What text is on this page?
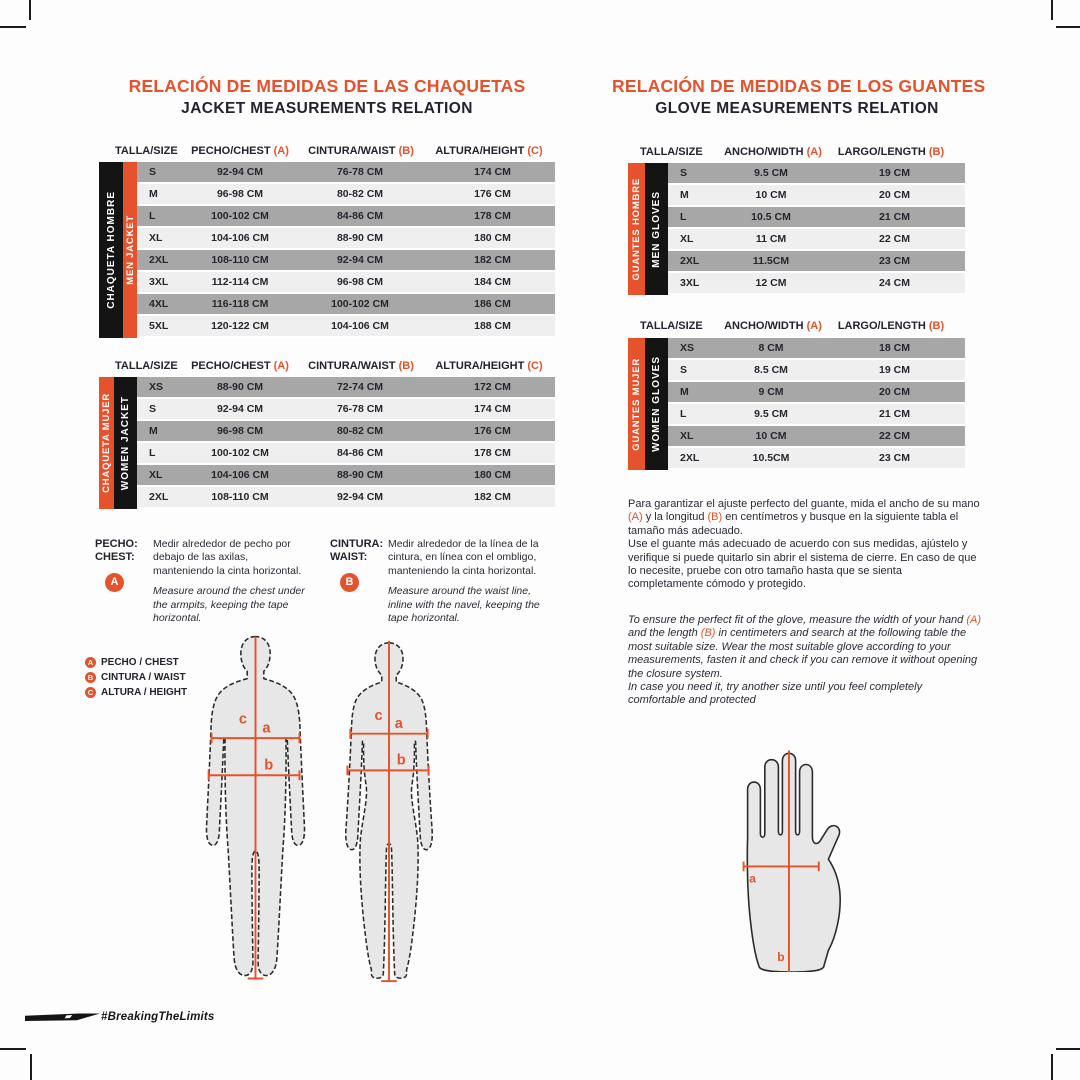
RELACIÓN DE MEDIDAS DE LAS CHAQUETAS
JACKET MEASUREMENTS RELATION
TALLA/SIZE PECHO/CHEST (A) CINTURA/WAIST (B) ALTURA/HEIGHT (C)
CHAQUETA HOMBRE MEN JACKET
S	92-94 CM	76-78 CM	174 CM
M	96-98 CM	80-82 CM	176 CM
L	100-102 CM	84-86 CM	178 CM
XL	104-106 CM	88-90 CM	180 CM
2XL	108-110 CM	92-94 CM	182 CM
3XL	112-114 CM	96-98 CM	184 CM
4XL	116-118 CM	100-102 CM	186 CM
5XL	120-122 CM	104-106 CM	188 CM
TALLA/SIZE PECHO/CHEST (A) CINTURA/WAIST (B) ALTURA/HEIGHT (C)
CHAQUETA MUJER WOMEN JACKET
XS	88-90 CM	72-74 CM	172 CM
S	92-94 CM	76-78 CM	174 CM
M	96-98 CM	80-82 CM	176 CM
L	100-102 CM	84-86 CM	178 CM
XL	104-106 CM	88-90 CM	180 CM
2XL	108-110 CM	92-94 CM	182 CM
RELACIÓN DE MEDIDAS DE LOS GUANTES
GLOVE MEASUREMENTS RELATION
TALLA/SIZE ANCHO/WIDTH (A) LARGO/LENGTH (B)
GUANTES HOMBRE MEN GLOVES
S	9.5 CM	19 CM
M	10 CM	20 CM
L	10.5 CM	21 CM
XL	11 CM	22 CM
2XL	11.5CM	23 CM
3XL	12 CM	24 CM
TALLA/SIZE ANCHO/WIDTH (A) LARGO/LENGTH (B)
GUANTES MUJER WOMEN GLOVES
XS	8 CM	18 CM
S	8.5 CM	19 CM
M	9 CM	20 CM
L	9.5 CM	21 CM
XL	10 CM	22 CM
2XL	10.5CM	23 CM
PECHO:
CHEST:
A
Medir alrededor de pecho por debajo de las axilas, manteniendo la cinta horizontal.
Measure around the chest under the armpits, keeping the tape horizontal.
CINTURA:
WAIST:
B
Medir alrededor de la línea de la cintura, en línea con el ombligo, manteniendo la cinta horizontal.
Measure around the waist line, inline with the navel, keeping the tape horizontal.
A PECHO / CHEST
B CINTURA / WAIST
C ALTURA / HEIGHT
c
a
b
c a
b
Para garantizar el ajuste perfecto del guante, mida el ancho de su mano (A) y la longitud (B) en centímetros y busque en la siguiente tabla el tamaño más adecuado.
Use el guante más adecuado de acuerdo con sus medidas, ajústelo y verifique si puede quitarlo sin abrir el sistema de cierre. En caso de que lo necesite, pruebe con otro tamaño hasta que se sienta completamente cómodo y protegido.
To ensure the perfect fit of the glove, measure the width of your hand (A) and the length (B) in centimeters and search at the following table the most suitable size. Wear the most suitable glove according to your measurements, fasten it and check if you can remove it without opening the closure system.
In case you need it, try another size until you feel completely comfortable and protected
a
b
#BreakingTheLimits
